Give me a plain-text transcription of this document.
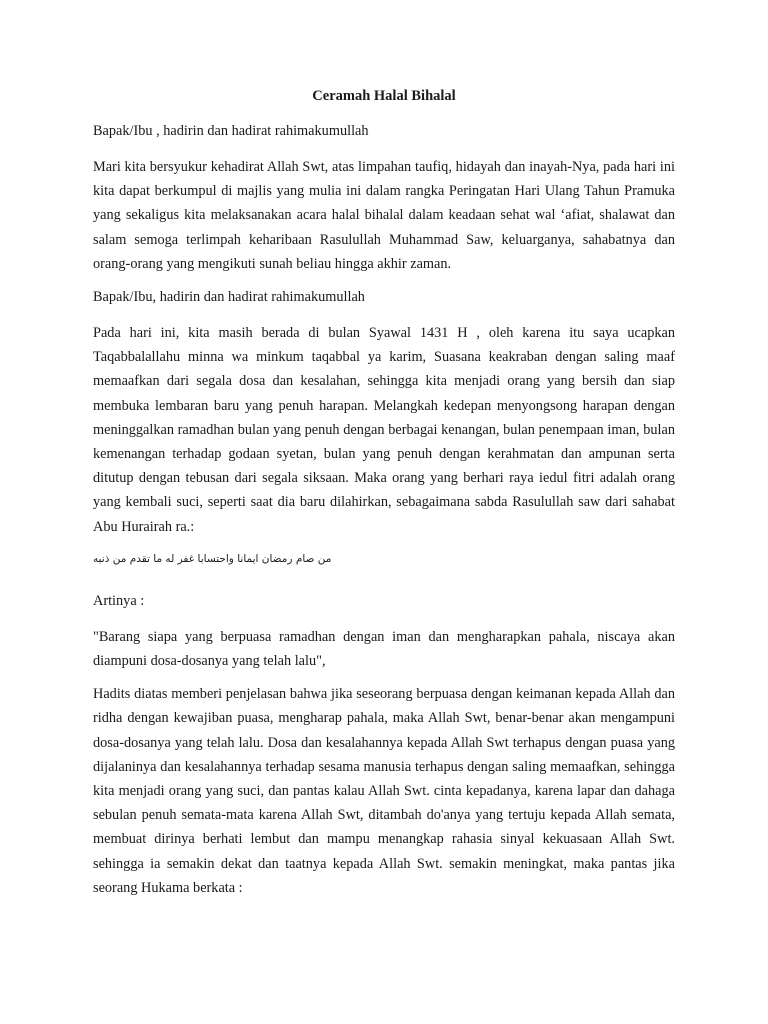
Ceramah Halal Bihalal
Bapak/Ibu , hadirin dan hadirat rahimakumullah
Mari kita bersyukur kehadirat Allah Swt, atas limpahan taufiq, hidayah dan inayah-Nya, pada hari ini kita dapat berkumpul di majlis yang mulia ini dalam rangka Peringatan Hari Ulang Tahun Pramuka yang sekaligus kita melaksanakan acara halal bihalal dalam keadaan sehat wal ‘afiat, shalawat dan salam semoga terlimpah keharibaan Rasulullah Muhammad Saw, keluarganya, sahabatnya dan orang-orang yang mengikuti sunah beliau hingga akhir zaman.
Bapak/Ibu, hadirin dan hadirat rahimakumullah
Pada hari ini, kita masih berada di bulan Syawal 1431 H , oleh karena itu saya ucapkan Taqabbalallahu minna wa minkum taqabbal ya karim, Suasana keakraban dengan saling maaf memaafkan dari segala dosa dan kesalahan, sehingga kita menjadi orang yang bersih dan siap membuka lembaran baru yang penuh harapan. Melangkah kedepan menyongsong harapan dengan meninggalkan ramadhan bulan yang penuh dengan berbagai kenangan, bulan penempaan iman, bulan kemenangan terhadap godaan syetan, bulan yang penuh dengan kerahmatan dan ampunan serta ditutup dengan tebusan dari segala siksaan. Maka orang yang berhari raya iedul fitri adalah orang yang kembali suci, seperti saat dia baru dilahirkan, sebagaimana sabda Rasulullah saw dari sahabat Abu Hurairah ra.:
من صام رمضان ايمانا واحتسابا غفر له ما تقدم من ذنبه
Artinya :
"Barang siapa yang berpuasa ramadhan dengan iman dan mengharapkan pahala, niscaya akan diampuni dosa-dosanya yang telah lalu",
Hadits diatas memberi penjelasan bahwa jika seseorang berpuasa dengan keimanan kepada Allah dan ridha dengan kewajiban puasa, mengharap pahala, maka Allah Swt, benar-benar akan mengampuni dosa-dosanya yang telah lalu. Dosa dan kesalahannya kepada Allah Swt terhapus dengan puasa yang dijalaninya dan kesalahannya terhadap sesama manusia terhapus dengan saling memaafkan, sehingga kita menjadi orang yang suci, dan pantas kalau Allah Swt. cinta kepadanya, karena lapar dan dahaga sebulan penuh semata-mata karena Allah Swt, ditambah do'anya yang tertuju kepada Allah semata, membuat dirinya berhati lembut dan mampu menangkap rahasia sinyal kekuasaan Allah Swt. sehingga ia semakin dekat dan taatnya kepada Allah Swt. semakin meningkat, maka pantas jika seorang Hukama berkata :
